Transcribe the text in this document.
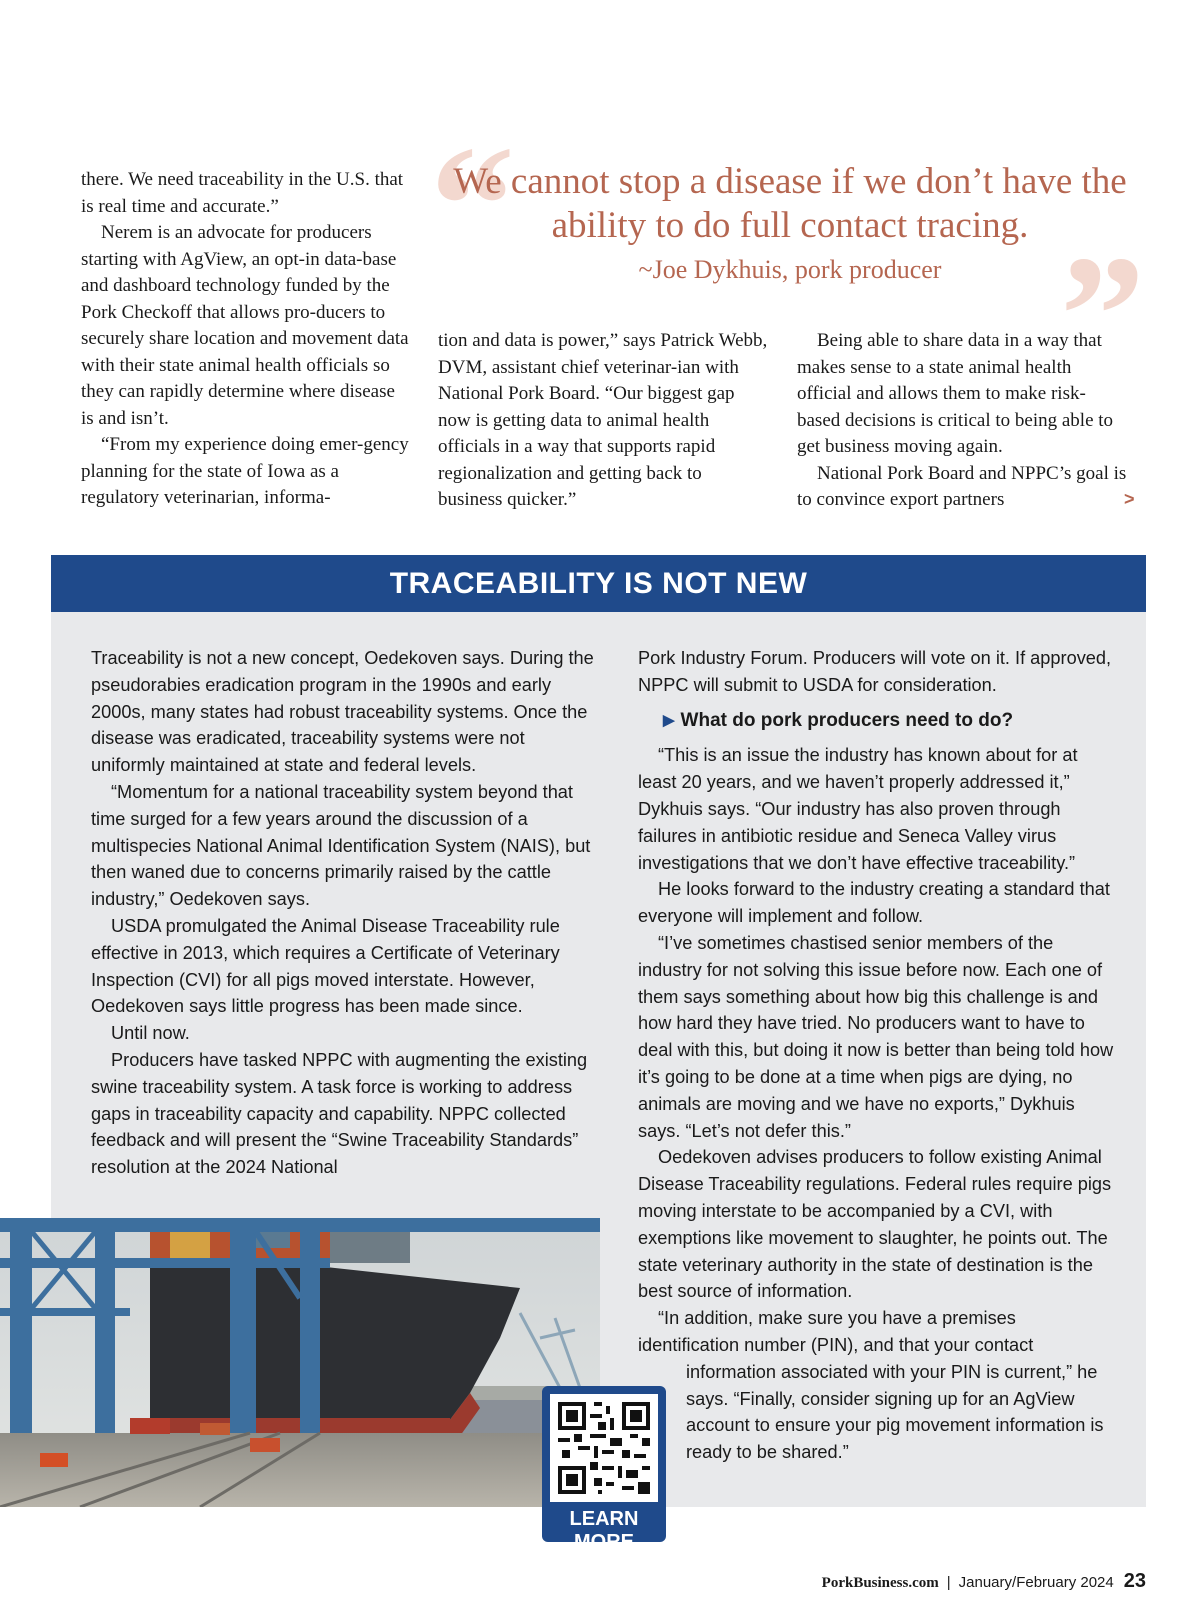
there. We need traceability in the U.S. that is real time and accurate.”

Nerem is an advocate for producers starting with AgView, an opt-in data-base and dashboard technology funded by the Pork Checkoff that allows pro-ducers to securely share location and movement data with their state animal health officials so they can rapidly determine where disease is and isn’t.

“From my experience doing emer-gency planning for the state of Iowa as a regulatory veterinarian, informa-

“
”
We cannot stop a disease if we don’t have the ability to do full contact tracing.
~Joe Dykhuis, pork producer

tion and data is power,” says Patrick Webb, DVM, assistant chief veterinar-ian with National Pork Board. “Our biggest gap now is getting data to animal health officials in a way that supports rapid regionalization and getting back to business quicker.”

Being able to share data in a way that makes sense to a state animal health official and allows them to make risk-based decisions is critical to being able to get business moving again.

National Pork Board and NPPC’s goal is to convince export partners	>
TRACEABILITY IS NOT NEW

Traceability is not a new concept, Oedekoven says. During the pseudorabies eradication program in the 1990s and early 2000s, many states had robust traceability systems. Once the disease was eradicated, traceability systems were not uniformly maintained at state and federal levels.

“Momentum for a national traceability system beyond that time surged for a few years around the discussion of a multispecies National Animal Identification System (NAIS), but then waned due to concerns primarily raised by the cattle industry,” Oedekoven says.

USDA promulgated the Animal Disease Traceability rule effective in 2013, which requires a Certificate of Veterinary Inspection (CVI) for all pigs moved interstate. However, Oedekoven says little progress has been made since.

Until now.

Producers have tasked NPPC with augmenting the existing swine traceability system. A task force is working to address gaps in traceability capacity and capability. NPPC collected feedback and will present the “Swine Traceability Standards” resolution at the 2024 National

Pork Industry Forum. Producers will vote on it. If approved, NPPC will submit to USDA for consideration.

▶ What do pork producers need to do?

“This is an issue the industry has known about for at least 20 years, and we haven’t properly addressed it,” Dykhuis says. “Our industry has also proven through failures in antibiotic residue and Seneca Valley virus investigations that we don’t have effective traceability.”

He looks forward to the industry creating a standard that everyone will implement and follow.

“I’ve sometimes chastised senior members of the industry for not solving this issue before now. Each one of them says something about how big this challenge is and how hard they have tried. No producers want to have to deal with this, but doing it now is better than being told how it’s going to be done at a time when pigs are dying, no animals are moving and we have no exports,” Dykhuis says. “Let’s not defer this.”

Oedekoven advises producers to follow existing Animal Disease Traceability regulations. Federal rules require pigs moving interstate to be accompanied by a CVI, with exemptions like movement to slaughter, he points out. The state veterinary authority in the state of destination is the best source of information.

“In addition, make sure you have a premises identification number (PIN), and that your contact

information associated with your PIN is current,” he says. “Finally, consider signing up for an AgView account to ensure your pig movement information is ready to be shared.”

LEARN MORE
PorkBusiness.com | January/February 2024 23
